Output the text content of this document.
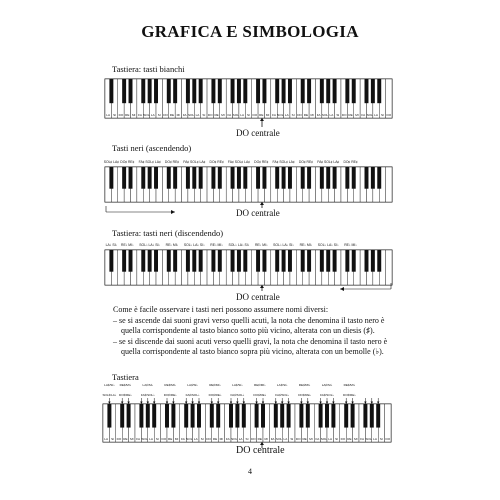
GRAFICA E SIMBOLOGIA
Tastiera: tasti bianchi
LA SI DO RE MI FA SOL LA SI DO RE MI FA SOL LA SI DO RE MI FA SOL LA SI DO RE MI FA SOL LA SI DO RE MI FA SOL LA SI DO RE MI FA SOL LA SI DO
DO centrale
Tasti neri (ascendendo)
SOL♯ LA♯ DO♯ RE♯ FA♯ SOL♯ LA♯ DO♯ RE♯ FA♯ SOL♯ LA♯ DO♯ RE♯ FA♯ SOL♯ LA♯ DO♯ RE♯ FA♯ SOL♯ LA♯ DO♯ RE♯ FA♯ SOL♯ LA♯ DO♯ RE♯
DO centrale
Tastiera: tasti neri (discendendo)
LA♭ SI♭ RE♭ MI♭ SOL♭ LA♭ SI♭ RE♭ MI♭ SOL♭ LA♭ SI♭ RE♭ MI♭ SOL♭ LA♭ SI♭ RE♭ MI♭ SOL♭ LA♭ SI♭ RE♭ MI♭ SOL♭ LA♭ SI♭ RE♭ MI♭
DO centrale

Come è facile osservare i tasti neri possono assumere nomi diversi:

– se si ascende dai suoni gravi verso quelli acuti, la nota che denomina il tasto nero è quella corrispondente al tasto bianco sotto più vicino, alterata con un diesis (♯).

– se si discende dai suoni acuti verso quelli gravi, la nota che denomina il tasto nero è quella corrispondente al tasto bianco sopra più vicino, alterata con un bemolle (♭).

Tastiera
LA SI DO RE MI FA SOL LA SI DO RE MI FA SOL LA SI DO RE MI FA SOL LA SI DO RE MI FA SOL LA SI DO RE MI FA SOL LA SI DO RE MI FA SOL LA SI DO
LA♯/SI♭ RE♯/MI♭	LA♯/SI♭	RE♯/MI♭	LA♯/SI♭	RE♯/MI♭	LA♯/SI♭	RE♯/MI♭	LA♯/SI♭	RE♯/MI♭	LA♯/SI♭	RE♯/MI♭
SOL♯/LA♭ DO♯/RE♭	FA♯/SOL♭	DO♯/RE♭	FA♯/SOL♭	DO♯/RE♭	FA♯/SOL♭	DO♯/RE♭	FA♯/SOL♭	DO♯/RE♭	FA♯/SOL♭	DO♯/RE♭
DO centrale
4
